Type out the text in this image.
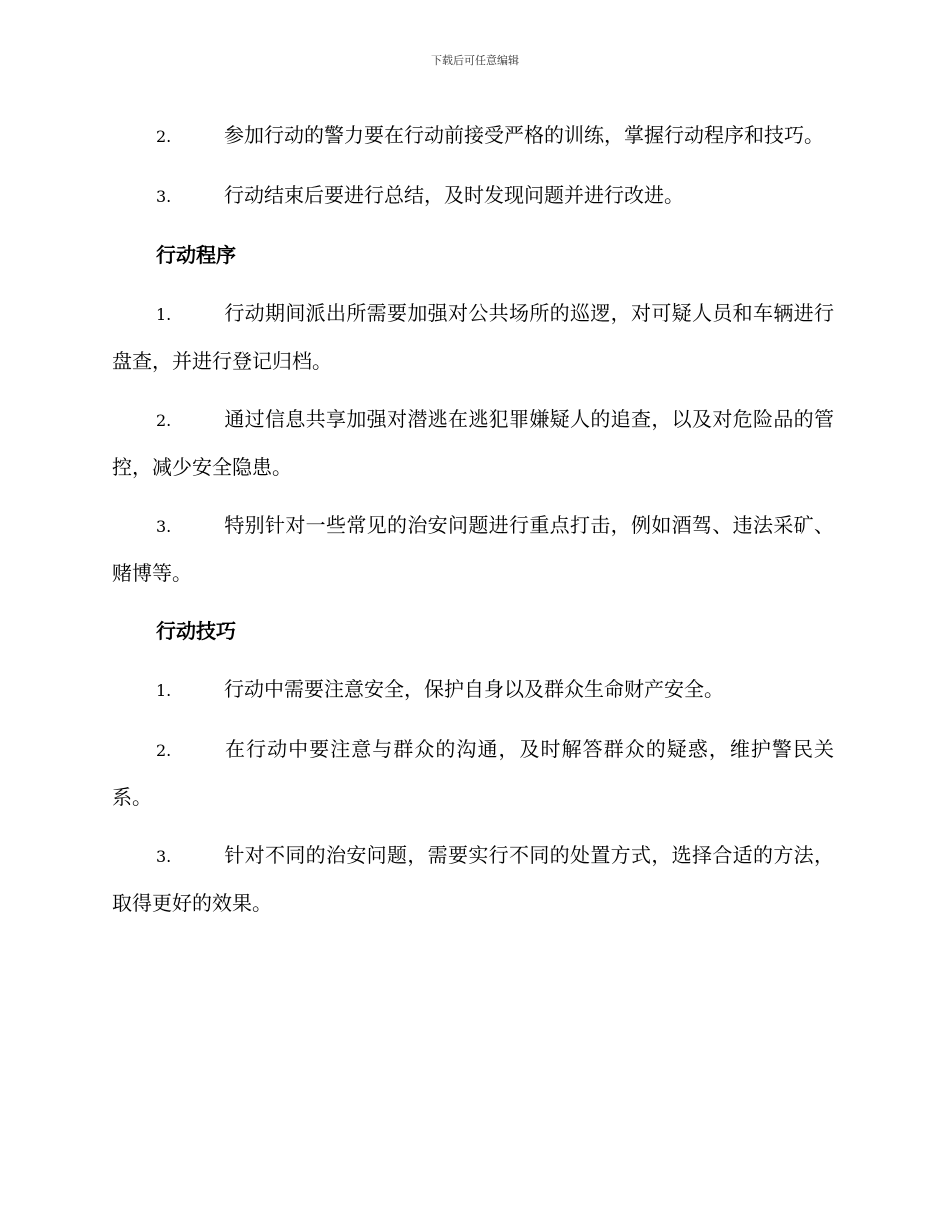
下载后可任意编辑

2.	参加行动的警力要在行动前接受严格的训练，掌握行动程序和技巧。

3.	行动结束后要进行总结，及时发现问题并进行改进。

行动程序

1.	行动期间派出所需要加强对公共场所的巡逻，对可疑人员和车辆进行盘查，并进行登记归档。

2.	通过信息共享加强对潜逃在逃犯罪嫌疑人的追查，以及对危险品的管控，减少安全隐患。

3.	特别针对一些常见的治安问题进行重点打击，例如酒驾、违法采矿、赌博等。

行动技巧

1.	行动中需要注意安全，保护自身以及群众生命财产安全。

2.	在行动中要注意与群众的沟通，及时解答群众的疑惑，维护警民关系。

3.	针对不同的治安问题，需要实行不同的处置方式，选择合适的方法，取得更好的效果。
